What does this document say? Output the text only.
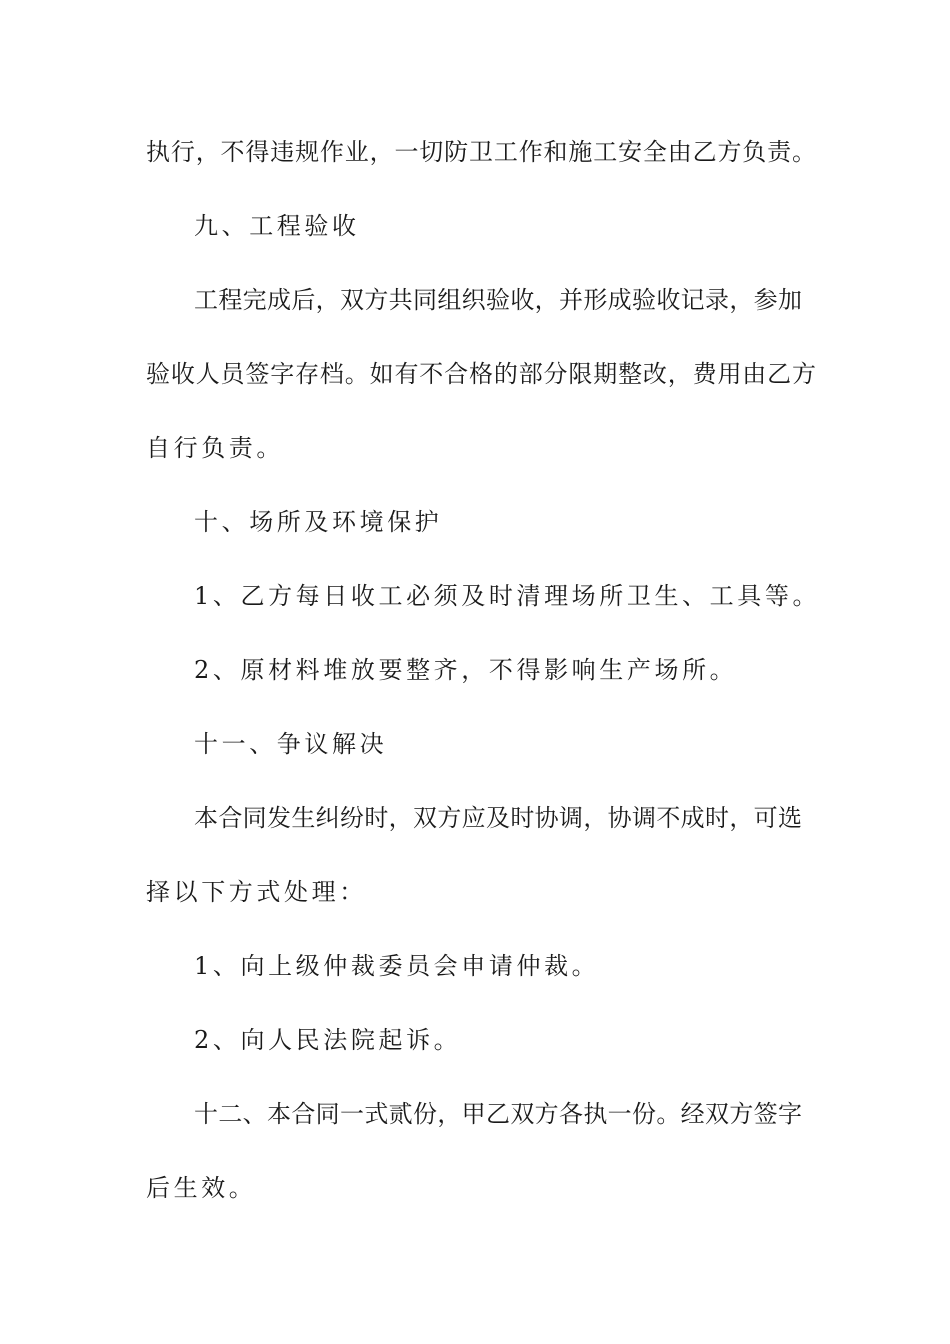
执行，不得违规作业，一切防卫工作和施工安全由乙方负责。
九、工程验收
工程完成后，双方共同组织验收，并形成验收记录，参加
验收人员签字存档。如有不合格的部分限期整改，费用由乙方
自行负责。
十、场所及环境保护
1、乙方每日收工必须及时清理场所卫生、工具等。
2、原材料堆放要整齐，不得影响生产场所。
十一、争议解决
本合同发生纠纷时，双方应及时协调，协调不成时，可选
择以下方式处理：
1、向上级仲裁委员会申请仲裁。
2、向人民法院起诉。
十二、本合同一式贰份，甲乙双方各执一份。经双方签字
后生效。
